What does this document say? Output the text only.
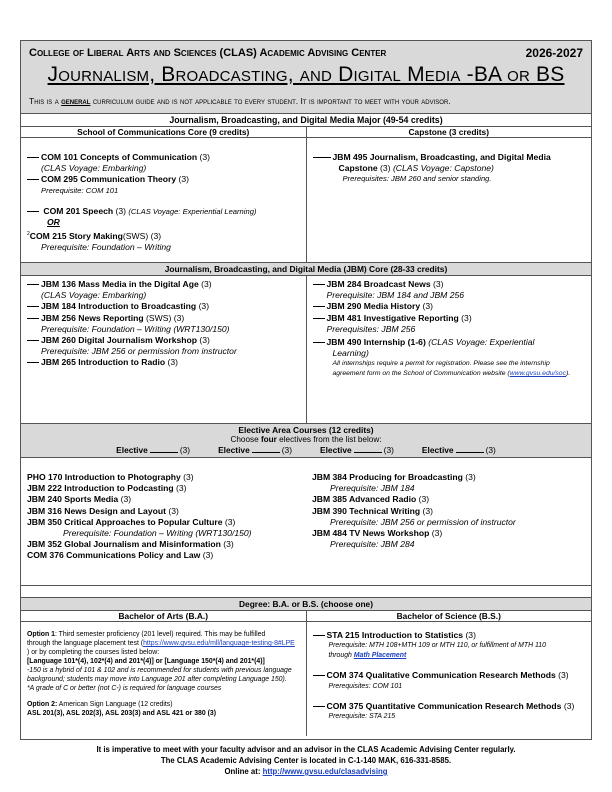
College of Liberal Arts and Sciences (CLAS) Academic Advising Center	2026-2027
Journalism, Broadcasting, and Digital Media -BA or BS
This is a general curriculum guide and is not applicable to every student. It is important to meet with your advisor.
Journalism, Broadcasting, and Digital Media Major (49-54 credits)
School of Communications Core (9 credits)	Capstone (3 credits)
COM 101 Concepts of Communication (3)
(CLAS Voyage: Embarking)
COM 295 Communication Theory (3)
Prerequisite: COM 101
COM 201 Speech (3) (CLAS Voyage: Experiential Learning)
OR
$^2$COM 215 Story Making(SWS) (3)
Prerequisite: Foundation – Writing
JBM 495 Journalism, Broadcasting, and Digital Media
Capstone (3) (CLAS Voyage: Capstone)
Prerequisites: JBM 260 and senior standing.
Journalism, Broadcasting, and Digital Media (JBM) Core (28-33 credits)
JBM 136 Mass Media in the Digital Age (3)
(CLAS Voyage: Embarking)
JBM 184 Introduction to Broadcasting (3)
JBM 256 News Reporting (SWS) (3)
Prerequisite: Foundation – Writing (WRT130/150)
JBM 260 Digital Journalism Workshop (3)
Prerequisite: JBM 256 or permission from instructor
JBM 265 Introduction to Radio (3)
JBM 284 Broadcast News (3)
Prerequisite: JBM 184 and JBM 256
JBM 290 Media History (3)
JBM 481 Investigative Reporting (3)
Prerequisites: JBM 256
JBM 490 Internship (1-6) (CLAS Voyage: Experiential
Learning)
All internships require a permit for registration. Please see the internship
agreement form on the School of Communication website (www.gvsu.edu/soc).
Elective Area Courses (12 credits)
Choose four electives from the list below:
Elective	(3)	Elective	(3)	Elective	(3)	Elective	(3)
PHO 170 Introduction to Photography (3)
JBM 222 Introduction to Podcasting (3)
JBM 240 Sports Media (3)
JBM 316 News Design and Layout (3)
JBM 350 Critical Approaches to Popular Culture (3)
Prerequisite: Foundation – Writing (WRT130/150)
JBM 352 Global Journalism and Misinformation (3)
COM 376 Communications Policy and Law (3)
JBM 384 Producing for Broadcasting (3)
Prerequisite: JBM 184
JBM 385 Advanced Radio (3)
JBM 390 Technical Writing (3)
Prerequisite: JBM 256 or permission of instructor
JBM 484 TV News Workshop (3)
Prerequisite: JBM 284
Degree: B.A. or B.S. (choose one)
Bachelor of Arts (B.A.)	Bachelor of Science (B.S.)
Option 1: Third semester proficiency (201 level) required. This may be fulfilled
through the language placement test (https://www.gvsu.edu/mll/language-testing-8#LPE
) or by completing the courses listed below:
[Language 101*(4), 102*(4) and 201*(4)] or [Language 150*(4) and 201*(4)]
-150 is a hybrid of 101 & 102 and is recommended for students with previous language
background; students may move into Language 201 after completing Language 150).
*A grade of C or better (not C-) is required for language courses
Option 2: American Sign Language (12 credits)
ASL 201(3), ASL 202(3), ASL 203(3) and ASL 421 or 380 (3)
STA 215 Introduction to Statistics (3)
Prerequisite: MTH 108+MTH 109 or MTH 110, or fulfillment of MTH 110
through Math Placement
COM 374 Qualitative Communication Research Methods (3)
Prerequisites: COM 101
COM 375 Quantitative Communication Research Methods (3)
Prerequisite: STA 215
It is imperative to meet with your faculty advisor and an advisor in the CLAS Academic Advising Center regularly.
The CLAS Academic Advising Center is located in C-1-140 MAK, 616-331-8585.
Online at: http://www.gvsu.edu/clasadvising
